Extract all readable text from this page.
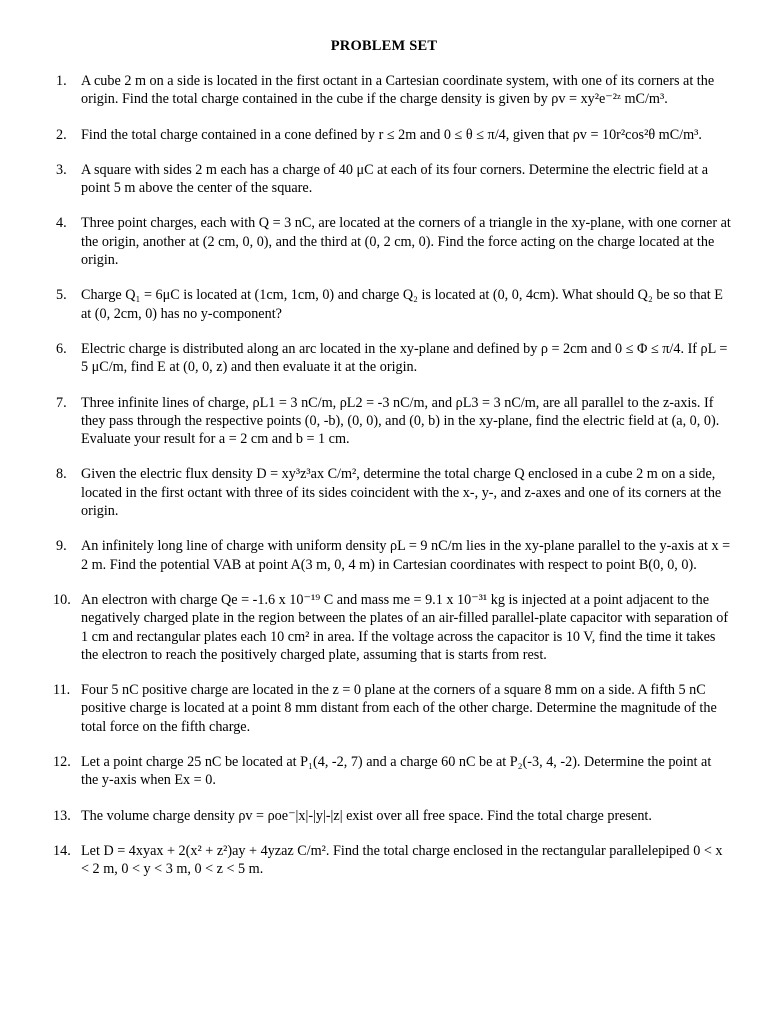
PROBLEM SET
1.	A cube 2 m on a side is located in the first octant in a Cartesian coordinate system, with one of its corners at the origin. Find the total charge contained in the cube if the charge density is given by ρv = xy²e⁻²ᶻ mC/m³.
2.	Find the total charge contained in a cone defined by r ≤ 2m and 0 ≤ θ ≤ π/4, given that ρv = 10r²cos²θ mC/m³.
3.	A square with sides 2 m each has a charge of 40 μC at each of its four corners. Determine the electric field at a point 5 m above the center of the square.
4.	Three point charges, each with Q = 3 nC, are located at the corners of a triangle in the xy-plane, with one corner at the origin, another at (2 cm, 0, 0), and the third at (0, 2 cm, 0). Find the force acting on the charge located at the origin.
5.	Charge Q₁ = 6μC is located at (1cm, 1cm, 0) and charge Q₂ is located at (0, 0, 4cm). What should Q₂ be so that E at (0, 2cm, 0) has no y-component?
6.	Electric charge is distributed along an arc located in the xy-plane and defined by ρ = 2cm and 0 ≤ Φ ≤ π/4. If ρL = 5 μC/m, find E at (0, 0, z) and then evaluate it at the origin.
7.	Three infinite lines of charge, ρL1 = 3 nC/m, ρL2 = -3 nC/m, and ρL3 = 3 nC/m, are all parallel to the z-axis. If they pass through the respective points (0, -b), (0, 0), and (0, b) in the xy-plane, find the electric field at (a, 0, 0). Evaluate your result for a = 2 cm and b = 1 cm.
8.	Given the electric flux density D = xy³z³ax C/m², determine the total charge Q enclosed in a cube 2 m on a side, located in the first octant with three of its sides coincident with the x-, y-, and z-axes and one of its corners at the origin.
9.	An infinitely long line of charge with uniform density ρL = 9 nC/m lies in the xy-plane parallel to the y-axis at x = 2 m. Find the potential VAB at point A(3 m, 0, 4 m) in Cartesian coordinates with respect to point B(0, 0, 0).
10. An electron with charge Qe = -1.6 x 10⁻¹⁹ C and mass me = 9.1 x 10⁻³¹ kg is injected at a point adjacent to the negatively charged plate in the region between the plates of an air-filled parallel-plate capacitor with separation of 1 cm and rectangular plates each 10 cm² in area. If the voltage across the capacitor is 10 V, find the time it takes the electron to reach the positively charged plate, assuming that is starts from rest.
11. Four 5 nC positive charge are located in the z = 0 plane at the corners of a square 8 mm on a side. A fifth 5 nC positive charge is located at a point 8 mm distant from each of the other charge. Determine the magnitude of the total force on the fifth charge.
12. Let a point charge 25 nC be located at P₁(4, -2, 7) and a charge 60 nC be at P₂(-3, 4, -2). Determine the point at the y-axis when Ex = 0.
13. The volume charge density ρv = ρoe⁻|x|-|y|-|z| exist over all free space. Find the total charge present.
14. Let D = 4xyax + 2(x² + z²)ay + 4yzaz C/m². Find the total charge enclosed in the rectangular parallelepiped 0 < x < 2 m, 0 < y < 3 m, 0 < z < 5 m.
